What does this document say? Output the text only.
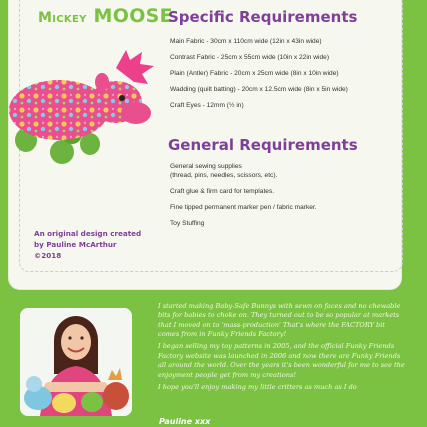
Mickey MOOSE
Specific Requirements
Main Fabric - 30cm x 110cm wide (12in x 43in wide)
Contrast Fabric - 25cm x 55cm wide (10in x 22in wide)
Plain (Antler) Fabric - 20cm x 25cm wide (8in x 10in wide)
Wadding (quilt batting) - 20cm x 12.5cm wide (8in x 5in wide)
Craft Eyes - 12mm (½ in)
General Requirements
General sewing supplies
(thread, pins, needles, scissors, etc).
Craft glue & firm card for templates.
Fine tipped permanent marker pen / fabric marker.
Toy Stuffing
An original design created
by Pauline McArthur
©2018

I started making Baby-Safe Bunnys with sewn on faces and no chewable bits for babies to choke on. They turned out to be so popular at markets that I moved on to 'mass-production' That's where the FACTORY bit comes from in Funky Friends Factory!

I began selling my toy patterns in 2005, and the official Funky Friends Factory website was launched in 2006 and now there are Funky Friends all around the world. Over the years it's been wonderful for me to see the enjoyment people get from my creations!

I hope you'll enjoy making my little critters as much as I do

Pauline xxx
